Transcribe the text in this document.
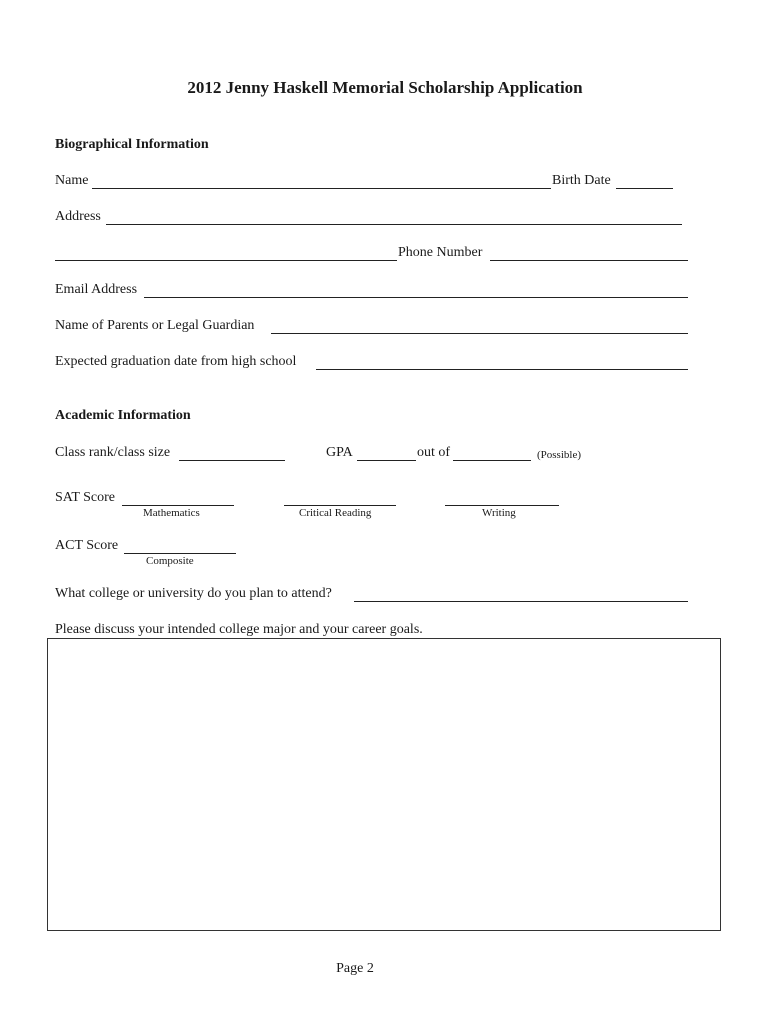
2012 Jenny Haskell Memorial Scholarship Application
Biographical Information
Name	Birth Date
Address
Phone Number
Email Address
Name of Parents or Legal Guardian
Expected graduation date from high school
Academic Information
Class rank/class size	GPA	out of	(Possible)
SAT Score
Mathematics	Critical Reading	Writing
ACT Score
Composite
What college or university do you plan to attend?
Please discuss your intended college major and your career goals.
Page 2
